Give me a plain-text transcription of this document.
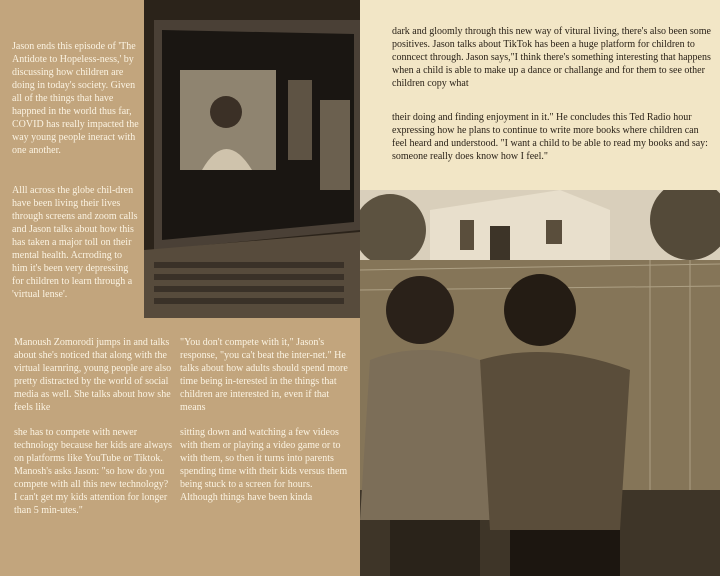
Jason ends this episode of 'The Antidote to Hopeless-ness,' by discussing how children are doing in today's society. Given all of the things that have happned in the world thus far, COVID has really impacted the way young people ineract with one another.

Alll across the globe chil-dren have been living their lives through screens and zoom calls and Jason talks about how this has taken a major toll on their mental health. Acrroding to him it's been very depressing for children to learn through a 'virtual lense'.

dark and gloomly through this new way of vitural living, there's also been some positives. Jason talks about TikTok has been a huge platform for children to conncect through. Jason says,"I think there's something interesting that happens when a child is able to make up a dance or challange and for them to see other children copy what

their doing and finding enjoyment in it." He concludes this Ted Radio hour expressing how he plans to continue to write more books where children can feel heard and understood. "I want a child to be able to read my books and say: someone really does know how I feel."

Manoush Zomorodi jumps in and talks about she's noticed that along with the virtual learnring, young people are also pretty distracted by the world of social media as well. She talks about how she feels like

she has to compete with newer technology because her kids are always on platforms like YouTube or Tiktok. Manosh's asks Jason: "so how do you compete with all this new technology? I can't get my kids attention for longer than 5 min-utes."

"You don't compete with it," Jason's response, "you ca't beat the inter-net." He talks about how adults should spend more time being in-terested in the things that children are interested in, even if that means

sitting down and watching a few videos with them or playing a video game or to with them, so then it turns into parents spending time with their kids versus them being stuck to a screen for hours. Although things have been kinda
